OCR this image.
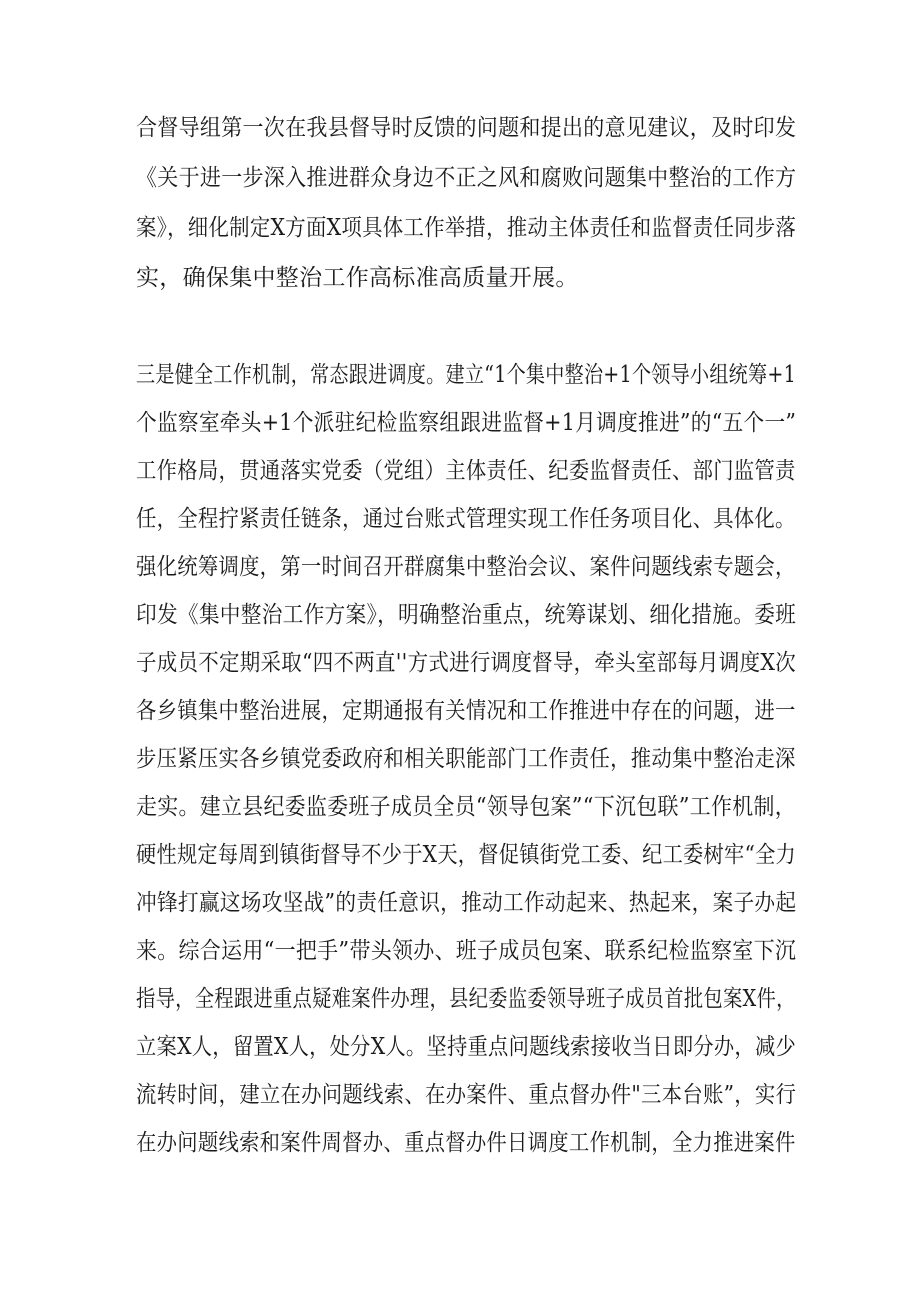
合督导组第一次在我县督导时反馈的问题和提出的意见建议，及时印发
《关于进一步深入推进群众身边不正之风和腐败问题集中整治的工作方
案》，细化制定X方面X项具体工作举措，推动主体责任和监督责任同步落
实，确保集中整治工作高标准高质量开展。
三是健全工作机制，常态跟进调度。建立“1个集中整治+1个领导小组统筹+1
个监察室牵头+1个派驻纪检监察组跟进监督+1月调度推进”的“五个一”
工作格局，贯通落实党委（党组）主体责任、纪委监督责任、部门监管责
任，全程拧紧责任链条，通过台账式管理实现工作任务项目化、具体化。
强化统筹调度，第一时间召开群腐集中整治会议、案件问题线索专题会，
印发《集中整治工作方案》，明确整治重点，统筹谋划、细化措施。委班
子成员不定期采取“四不两直''方式进行调度督导，牵头室部每月调度X次
各乡镇集中整治进展，定期通报有关情况和工作推进中存在的问题，进一
步压紧压实各乡镇党委政府和相关职能部门工作责任，推动集中整治走深
走实。建立县纪委监委班子成员全员“领导包案”“下沉包联”工作机制，
硬性规定每周到镇街督导不少于X天，督促镇街党工委、纪工委树牢“全力
冲锋打赢这场攻坚战”的责任意识，推动工作动起来、热起来，案子办起
来。综合运用“一把手”带头领办、班子成员包案、联系纪检监察室下沉
指导，全程跟进重点疑难案件办理，县纪委监委领导班子成员首批包案X件，
立案X人，留置X人，处分X人。坚持重点问题线索接收当日即分办，减少
流转时间，建立在办问题线索、在办案件、重点督办件"三本台账”，实行
在办问题线索和案件周督办、重点督办件日调度工作机制，全力推进案件
